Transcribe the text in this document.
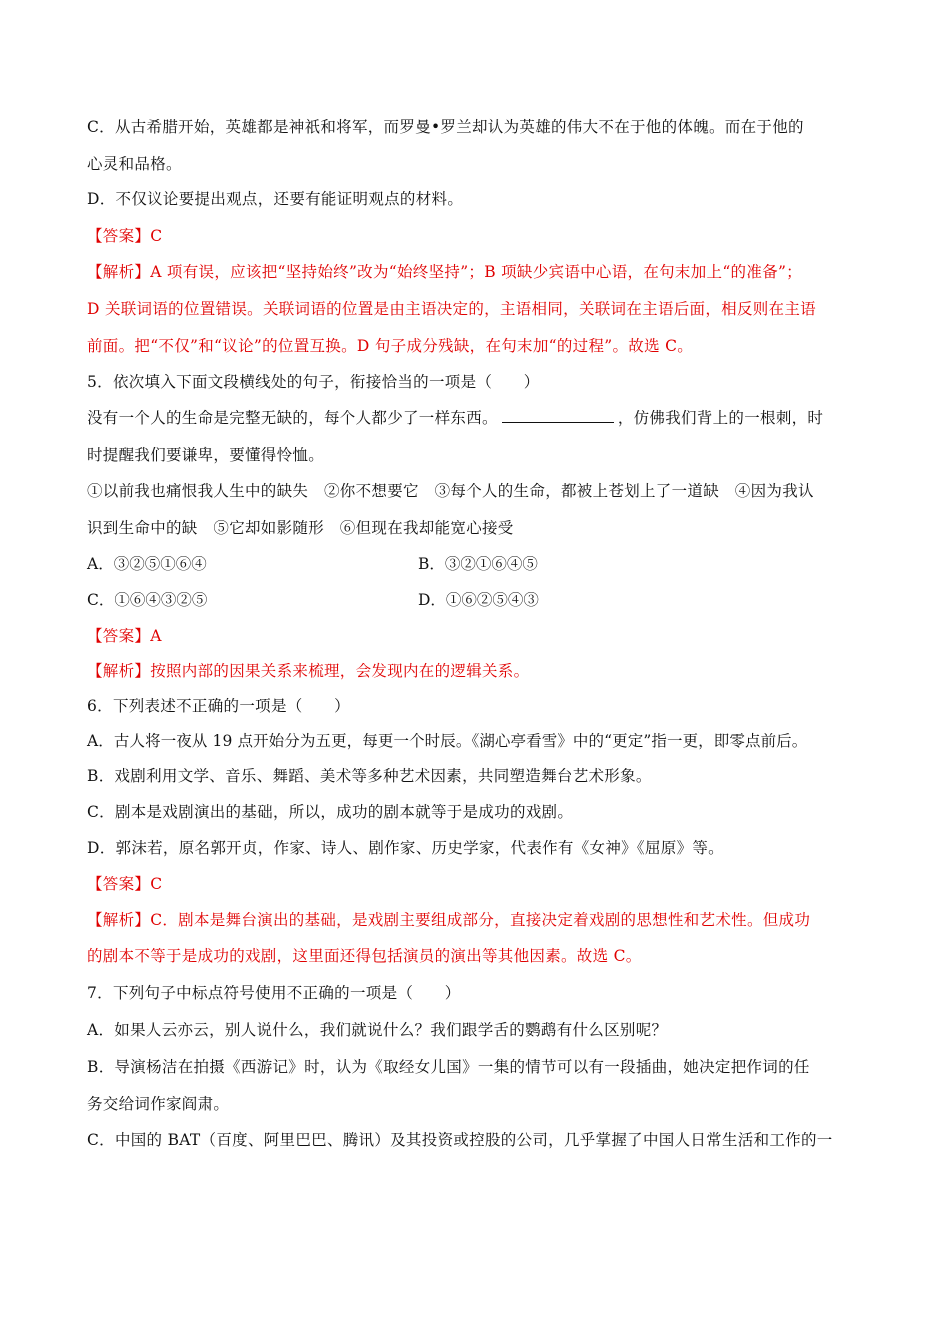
C．从古希腊开始，英雄都是神祇和将军，而罗曼•罗兰却认为英雄的伟大不在于他的体魄。而在于他的
心灵和品格。
D．不仅议论要提出观点，还要有能证明观点的材料。
【答案】C
【解析】A 项有误，应该把“坚持始终”改为“始终坚持”；B 项缺少宾语中心语，在句末加上“的准备”；
D 关联词语的位置错误。关联词语的位置是由主语决定的，主语相同，关联词在主语后面，相反则在主语
前面。把“不仅”和“议论”的位置互换。D 句子成分残缺，在句末加“的过程”。故选 C。
5．依次填入下面文段横线处的句子，衔接恰当的一项是（　　）
没有一个人的生命是完整无缺的，每个人都少了一样东西。	，仿佛我们背上的一根刺，时
时提醒我们要谦卑，要懂得怜恤。
①以前我也痛恨我人生中的缺失　②你不想要它　③每个人的生命，都被上苍划上了一道缺　④因为我认
识到生命中的缺　⑤它却如影随形　⑥但现在我却能宽心接受
A．③②⑤①⑥④	B．③②①⑥④⑤
C．①⑥④③②⑤	D．①⑥②⑤④③
【答案】A
【解析】按照内部的因果关系来梳理，会发现内在的逻辑关系。
6．下列表述不正确的一项是（　　）
A．古人将一夜从 19 点开始分为五更，每更一个时辰。《湖心亭看雪》中的“更定”指一更，即零点前后。
B．戏剧利用文学、音乐、舞蹈、美术等多种艺术因素，共同塑造舞台艺术形象。
C．剧本是戏剧演出的基础，所以，成功的剧本就等于是成功的戏剧。
D．郭沫若，原名郭开贞，作家、诗人、剧作家、历史学家，代表作有《女神》《屈原》等。
【答案】C
【解析】C．剧本是舞台演出的基础，是戏剧主要组成部分，直接决定着戏剧的思想性和艺术性。但成功
的剧本不等于是成功的戏剧，这里面还得包括演员的演出等其他因素。故选 C。
7．下列句子中标点符号使用不正确的一项是（　　）
A．如果人云亦云，别人说什么，我们就说什么？我们跟学舌的鹦鹉有什么区别呢？
B．导演杨洁在拍摄《西游记》时，认为《取经女儿国》一集的情节可以有一段插曲，她决定把作词的任
务交给词作家阎肃。
C．中国的 BAT（百度、阿里巴巴、腾讯）及其投资或控股的公司，几乎掌握了中国人日常生活和工作的一
